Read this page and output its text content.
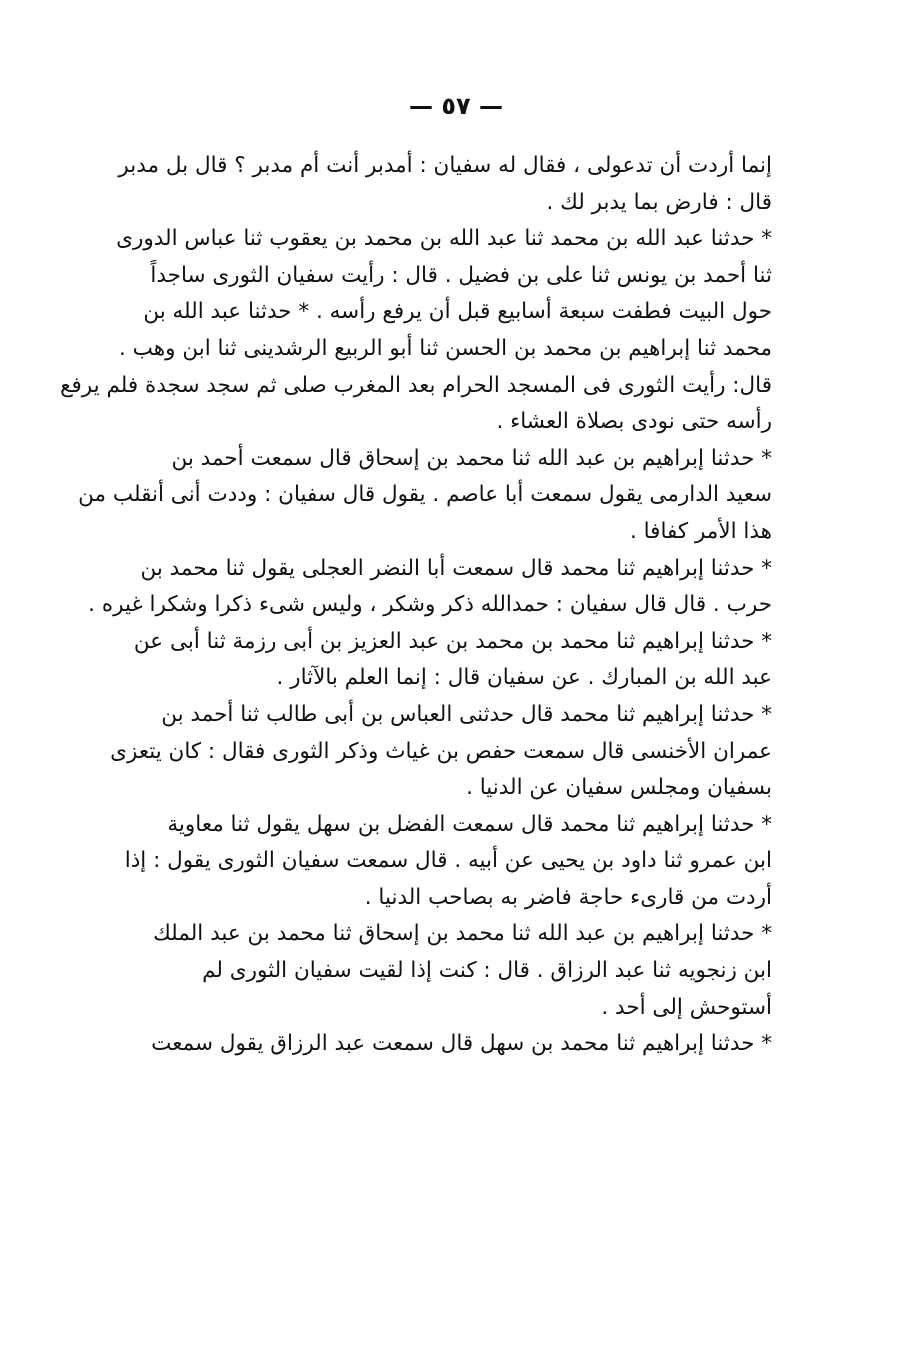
— ٥٧ —
إنما أردت أن تدعولى ، فقال له سفيان : أمدبر أنت أم مدبر ؟ قال بل مدبر
قال : فارض بما يدبر لك .
* حدثنا عبد الله بن محمد ثنا عبد الله بن محمد بن يعقوب ثنا عباس الدورى
ثنا أحمد بن يونس ثنا على بن فضيل . قال : رأيت سفيان الثورى ساجداً
حول البيت فطفت سبعة أسابيع قبل أن يرفع رأسه . * حدثنا عبد الله بن
محمد ثنا إبراهيم بن محمد بن الحسن ثنا أبو الربيع الرشدينى ثنا ابن وهب .
قال: رأيت الثورى فى المسجد الحرام بعد المغرب صلى ثم سجد سجدة فلم يرفع
رأسه حتى نودى بصلاة العشاء .
* حدثنا إبراهيم بن عبد الله ثنا محمد بن إسحاق قال سمعت أحمد بن
سعيد الدارمى يقول سمعت أبا عاصم . يقول قال سفيان : وددت أنى أنقلب من
هذا الأمر كفافا .
* حدثنا إبراهيم ثنا محمد قال سمعت أبا النضر العجلى يقول ثنا محمد بن
حرب . قال قال سفيان : حمدالله ذكر وشكر ، وليس شىء ذكرا وشكرا غيره .
* حدثنا إبراهيم ثنا محمد بن محمد بن عبد العزيز بن أبى رزمة ثنا أبى عن
عبد الله بن المبارك . عن سفيان قال : إنما العلم بالآثار .
* حدثنا إبراهيم ثنا محمد قال حدثنى العباس بن أبى طالب ثنا أحمد بن
عمران الأخنسى قال سمعت حفص بن غياث وذكر الثورى فقال : كان يتعزى
بسفيان ومجلس سفيان عن الدنيا .
* حدثنا إبراهيم ثنا محمد قال سمعت الفضل بن سهل يقول ثنا معاوية
ابن عمرو ثنا داود بن يحيى عن أبيه . قال سمعت سفيان الثورى يقول : إذا
أردت من قارىء حاجة فاضر به بصاحب الدنيا .
* حدثنا إبراهيم بن عبد الله ثنا محمد بن إسحاق ثنا محمد بن عبد الملك
ابن زنجويه ثنا عبد الرزاق . قال : كنت إذا لقيت سفيان الثورى لم
أستوحش إلى أحد .
* حدثنا إبراهيم ثنا محمد بن سهل قال سمعت عبد الرزاق يقول سمعت
